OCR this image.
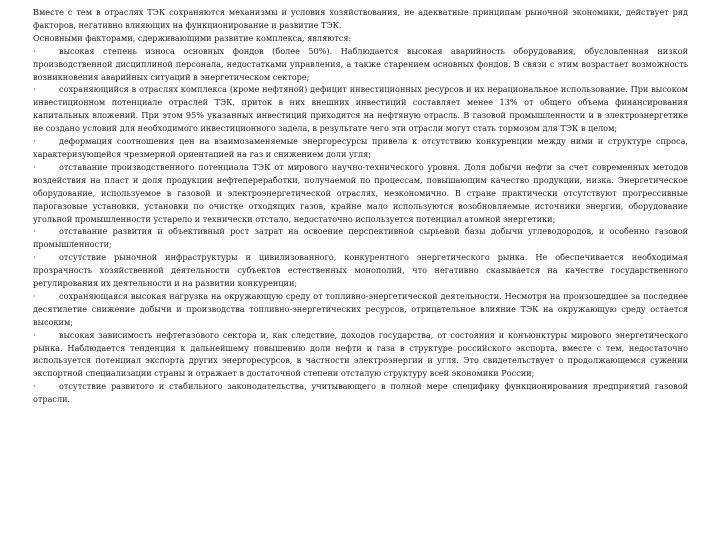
Вместе с тем в отраслях ТЭК сохраняются механизмы и условия хозяйствования, не адекватные принципам рыночной экономики, действует ряд факторов, негативно влияющих на функционирование и развитие ТЭК.

Основными факторами, сдерживающими развитие комплекса, являются:

·	высокая степень износа основных фондов (более 50%). Наблюдается высокая аварийность оборудования, обусловленная низкой производственной дисциплиной персонала, недостатками управления, а также старением основных фондов. В связи с этим возрастает возможность возникновения аварийных ситуаций в энергетическом секторе;

·	сохраняющийся в отраслях комплекса (кроме нефтяной) дефицит инвестиционных ресурсов и их нерациональное использование. При высоком инвестиционном потенциале отраслей ТЭК, приток в них внешних инвестиций составляет менее 13% от общего объема финансирования капитальных вложений. При этом 95% указанных инвестиций приходится на нефтяную отрасль. В газовой промышленности и в электроэнергетике не создано условий для необходимого инвестиционного задела, в результате чего эти отрасли могут стать тормозом для ТЭК в целом;

·	деформация соотношения цен на взаимозаменяемые энергоресурсы привела к отсутствию конкуренции между ними и структуре спроса, характеризующейся чрезмерной ориентацией на газ и снижением доли угля;

·	отставание производственного потенциала ТЭК от мирового научно-технического уровня. Доля добычи нефти за счет современных методов воздействия на пласт и доля продукции нефтепереработки, получаемой по процессам, повышающим качество продукции, низка. Энергетическое оборудование, используемое в газовой и электроэнергетической отраслях, неэкономично. В стране практически отсутствуют прогрессивные парогазовые установки, установки по очистке отходящих газов, крайне мало используются возобновляемые источники энергии, оборудование угольной промышленности устарело и технически отстало, недостаточно используется потенциал атомной энергетики;

·	отставание развития и объективный рост затрат на освоение перспективной сырьевой базы добычи углеводородов, и особенно газовой промышленности;

·	отсутствие рыночной инфраструктуры и цивилизованного, конкурентного энергетического рынка. Не обеспечивается необходимая прозрачность хозяйственной деятельности субъектов естественных монополий, что негативно сказывается на качестве государственного регулирования их деятельности и на развитии конкуренции;

·	сохраняющаяся высокая нагрузка на окружающую среду от топливно-энергетической деятельности. Несмотря на произошедшее за последнее десятилетие снижение добычи и производства топливно-энергетических ресурсов, отрицательное влияние ТЭК на окружающую среду остается высоким;

·	высокая зависимость нефтегазового сектора и, как следствие, доходов государства, от состояния и конъюнктуры мирового энергетического рынка. Наблюдается тенденция к дальнейшему повышению доли нефти и газа в структуре российского экспорта, вместе с тем, недостаточно используется потенциал экспорта других энергоресурсов, в частности электроэнергии и угля. Это свидетельствует о продолжающемся сужении экспортной специализации страны и отражает в достаточной степени отсталую структуру всей экономики России;

·	отсутствие развитого и стабильного законодательства, учитывающего в полной мере специфику функционирования предприятий газовой отрасли.
